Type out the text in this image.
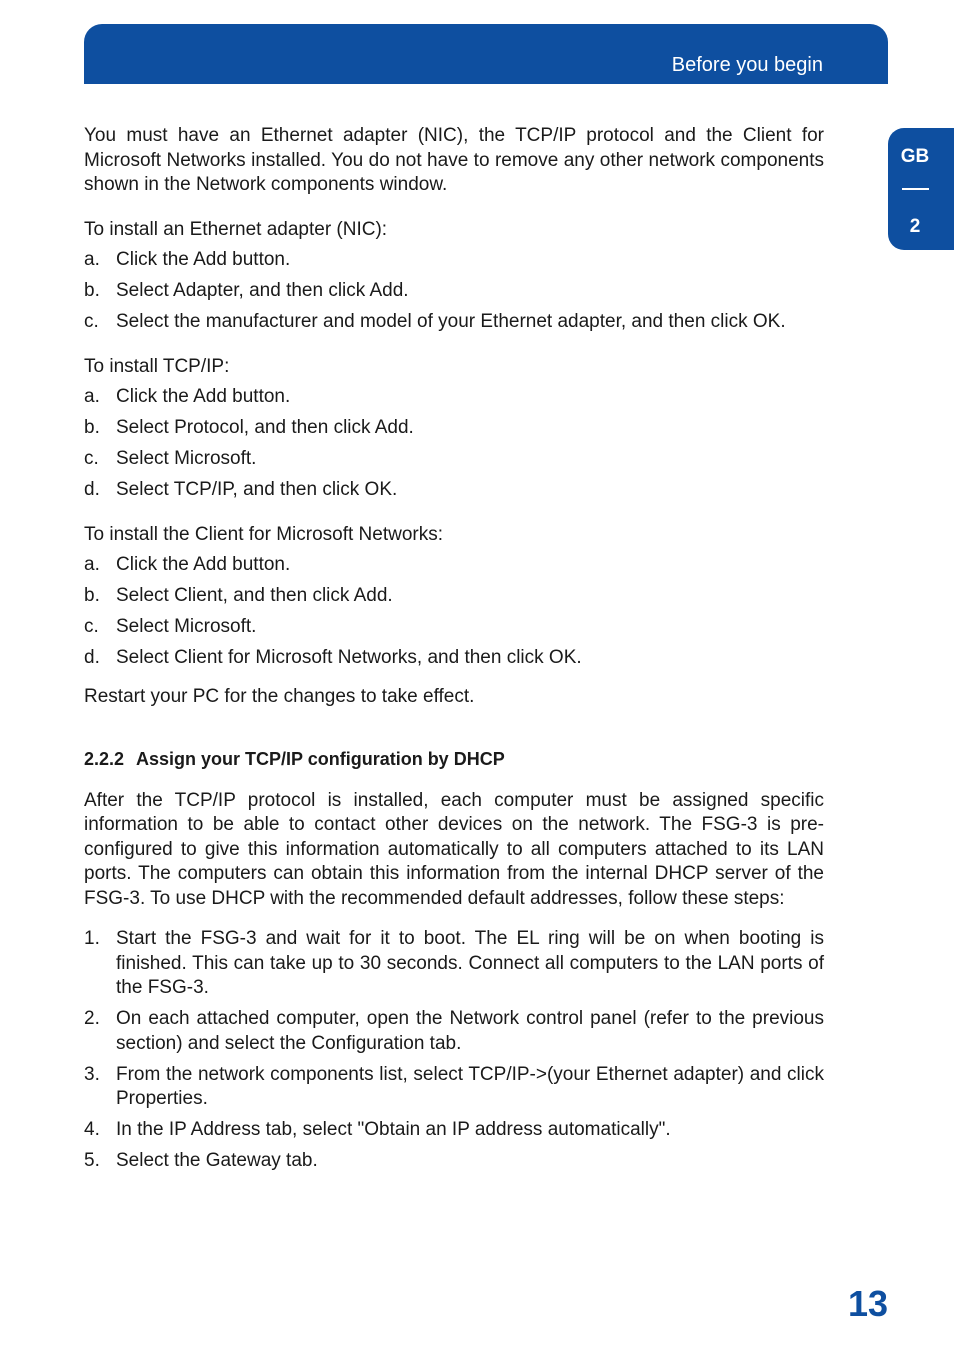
Before you begin
GB
2

You must have an Ethernet adapter (NIC), the TCP/IP protocol and the Client for Microsoft Networks installed. You do not have to remove any other network components shown in the Network components window.

To install an Ethernet adapter (NIC):

a. Click the Add button.
b. Select Adapter, and then click Add.
c. Select the manufacturer and model of your Ethernet adapter, and then click OK.

To install TCP/IP:

a. Click the Add button.
b. Select Protocol, and then click Add.
c. Select Microsoft.
d. Select TCP/IP, and then click OK.

To install the Client for Microsoft Networks:

a. Click the Add button.
b. Select Client, and then click Add.
c. Select Microsoft.
d. Select Client for Microsoft Networks, and then click OK.

Restart your PC for the changes to take effect.

2.2.2 Assign your TCP/IP configuration by DHCP

After the TCP/IP protocol is installed, each computer must be assigned specific information to be able to contact other devices on the network. The FSG-3 is pre-configured to give this information automatically to all computers attached to its LAN ports. The computers can obtain this information from the internal DHCP server of the FSG-3. To use DHCP with the recommended default addresses, follow these steps:

1. Start the FSG-3 and wait for it to boot. The EL ring will be on when booting is finished. This can take up to 30 seconds. Connect all computers to the LAN ports of the FSG-3.
2. On each attached computer, open the Network control panel (refer to the previous section) and select the Configuration tab.
3. From the network components list, select TCP/IP->(your Ethernet adapter) and click Properties.
4. In the IP Address tab, select "Obtain an IP address automatically".
5. Select the Gateway tab.
13
